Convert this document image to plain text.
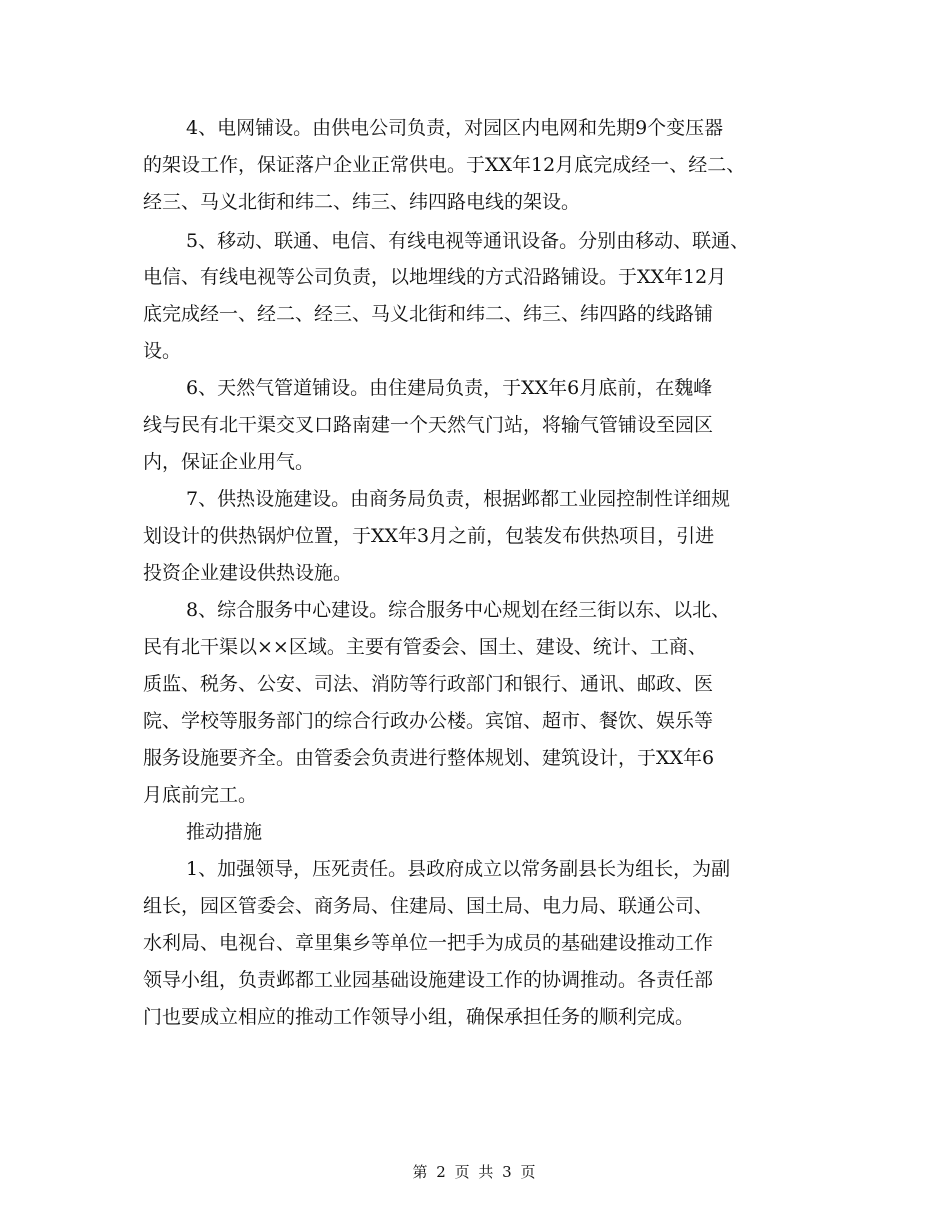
4、电网铺设。由供电公司负责，对园区内电网和先期9个变压器
的架设工作，保证落户企业正常供电。于XX年12月底完成经一、经二、
经三、马义北街和纬二、纬三、纬四路电线的架设。
5、移动、联通、电信、有线电视等通讯设备。分别由移动、联通、
电信、有线电视等公司负责，以地埋线的方式沿路铺设。于XX年12月
底完成经一、经二、经三、马义北街和纬二、纬三、纬四路的线路铺
设。
6、天然气管道铺设。由住建局负责，于XX年6月底前，在魏峰
线与民有北干渠交叉口路南建一个天然气门站，将输气管铺设至园区
内，保证企业用气。
7、供热设施建设。由商务局负责，根据邺都工业园控制性详细规
划设计的供热锅炉位置，于XX年3月之前，包装发布供热项目，引进
投资企业建设供热设施。
8、综合服务中心建设。综合服务中心规划在经三街以东、以北、
民有北干渠以××区域。主要有管委会、国土、建设、统计、工商、
质监、税务、公安、司法、消防等行政部门和银行、通讯、邮政、医
院、学校等服务部门的综合行政办公楼。宾馆、超市、餐饮、娱乐等
服务设施要齐全。由管委会负责进行整体规划、建筑设计，于XX年6
月底前完工。
推动措施
1、加强领导，压死责任。县政府成立以常务副县长为组长，为副
组长，园区管委会、商务局、住建局、国土局、电力局、联通公司、
水利局、电视台、章里集乡等单位一把手为成员的基础建设推动工作
领导小组，负责邺都工业园基础设施建设工作的协调推动。各责任部
门也要成立相应的推动工作领导小组，确保承担任务的顺利完成。
第 2 页 共 3 页
